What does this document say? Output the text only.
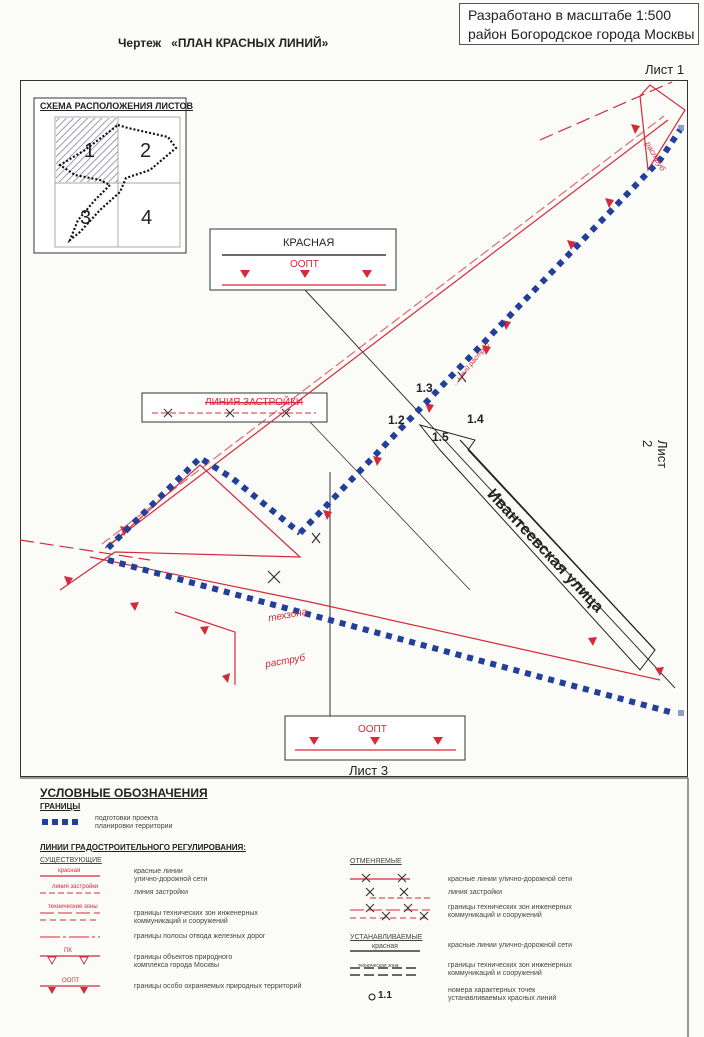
Разработано в масштабе 1:500
район Богородское города Москвы
Чертеж   «ПЛАН КРАСНЫХ ЛИНИЙ»
Лист 1
Лист 2
Лист 3
СХЕМА РАСПОЛОЖЕНИЯ ЛИСТОВ
1 2
3 4
КРАСНАЯ
ООПТ
ЛИНИЯ ЗАСТРОЙКИ
ООПТ
1.3
1.2	1.4
1.5
Ивантеевская улица
техзона
раструб
раструб
...ьный раструб
УСЛОВНЫЕ ОБОЗНАЧЕНИЯ
ГРАНИЦЫ
подготовки проекта
планировки территории
ЛИНИИ ГРАДОСТРОИТЕЛЬНОГО РЕГУЛИРОВАНИЯ:
СУЩЕСТВУЮЩИЕ
красная
линия застройки
технические зоны
ПК
ООПТ
красные линии
улично-дорожной сети
линия застройки
границы технических зон инженерных
коммуникаций и сооружений
границы полосы отвода железных дорог
границы объектов природного
комплекса города Москвы
границы особо охраняемых природных территорий
ОТМЕНЯЕМЫЕ
красные линии улично-дорожной сети
линия застройки
границы технических зон инженерных
коммуникаций и сооружений
УСТАНАВЛИВАЕМЫЕ
красная
техническая зона
красные линии улично-дорожной сети
границы технических зон инженерных
коммуникаций и сооружений
номера характерных точек
устанавливаемых красных линий
1.1
